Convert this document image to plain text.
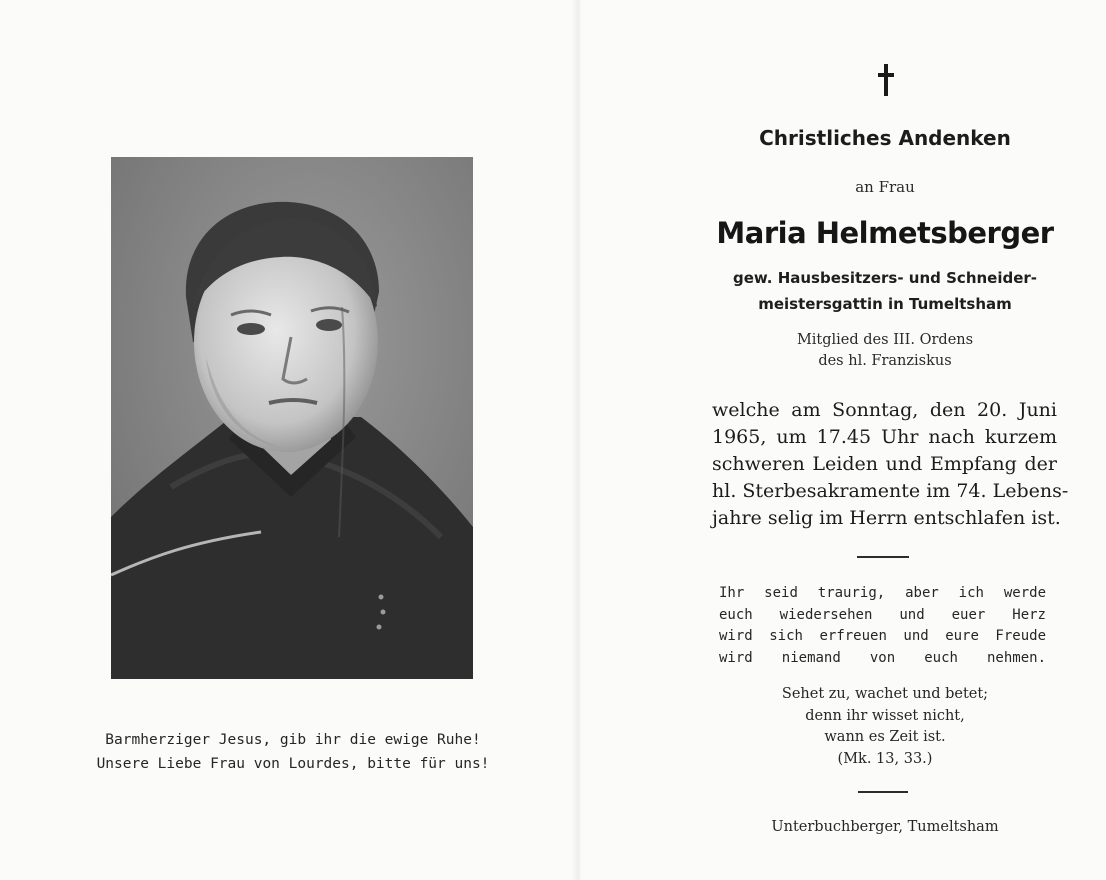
Barmherziger Jesus, gib ihr die ewige Ruhe!
Unsere Liebe Frau von Lourdes, bitte für uns!
Christliches Andenken
an Frau
Maria Helmetsberger
gew. Hausbesitzers- und Schneider-
meistersgattin in Tumeltsham
Mitglied des III. Ordens
des hl. Franziskus
welche am Sonntag, den 20. Juni
1965, um 17.45 Uhr nach kurzem
schweren Leiden und Empfang der
hl. Sterbesakramente im 74. Lebens-
jahre selig im Herrn entschlafen ist.
Ihr seid traurig, aber ich werde
euch wiedersehen und euer Herz
wird sich erfreuen und eure Freude
wird niemand von euch nehmen.
Sehet zu, wachet und betet;
denn ihr wisset nicht,
wann es Zeit ist.
(Mk. 13, 33.)
Unterbuchberger, Tumeltsham
